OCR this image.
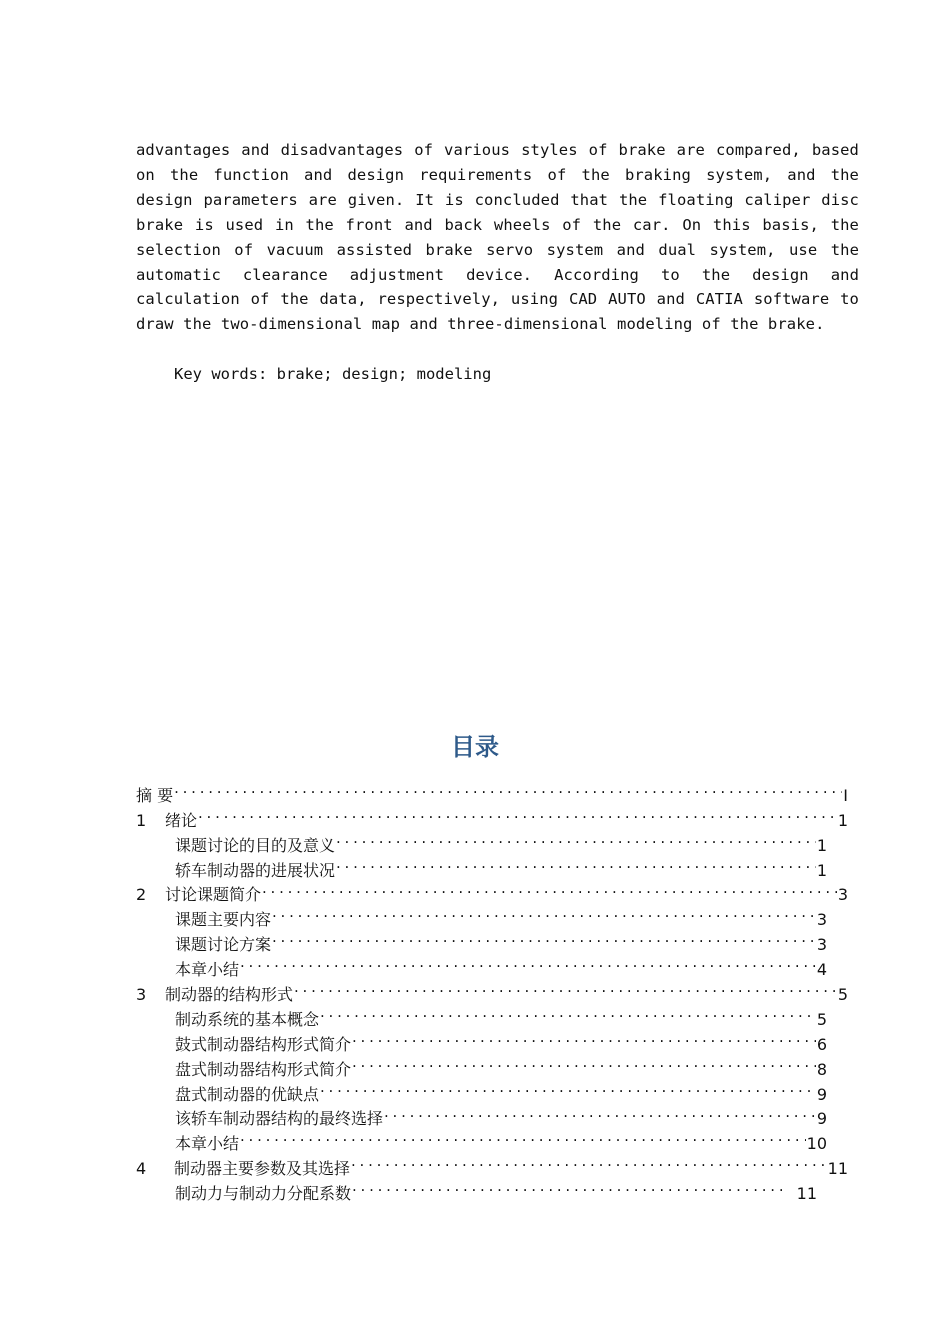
advantages and disadvantages of various styles of brake are compared, based on the function and design requirements of the braking system, and the design parameters are given. It is concluded that the floating caliper disc brake is used in the front and back wheels of the car. On this basis, the selection of vacuum assisted brake servo system and dual system, use the automatic clearance adjustment device. According to the design and calculation of the data, respectively, using CAD AUTO and CATIA software to draw the two-dimensional map and three-dimensional modeling of the brake.

Key words: brake; design; modeling

目录
摘 要 . . .	I
1	绪论 . . .	1
课题讨论的目的及意义 . . .	1
轿车制动器的进展状况 . . .	1
2	讨论课题简介 . . .	3
课题主要内容 . . .	3
课题讨论方案 . . .	3
本章小结 . . .	4
3	制动器的结构形式 . . .	5
制动系统的基本概念 . . .	5
鼓式制动器结构形式简介 . . .	6
盘式制动器结构形式简介 . . .	8
盘式制动器的优缺点 . . .	9
该轿车制动器结构的最终选择 . . .	9
本章小结 . . .	10
4	制动器主要参数及其选择 . . .	11
制动力与制动力分配系数 . . .	11
